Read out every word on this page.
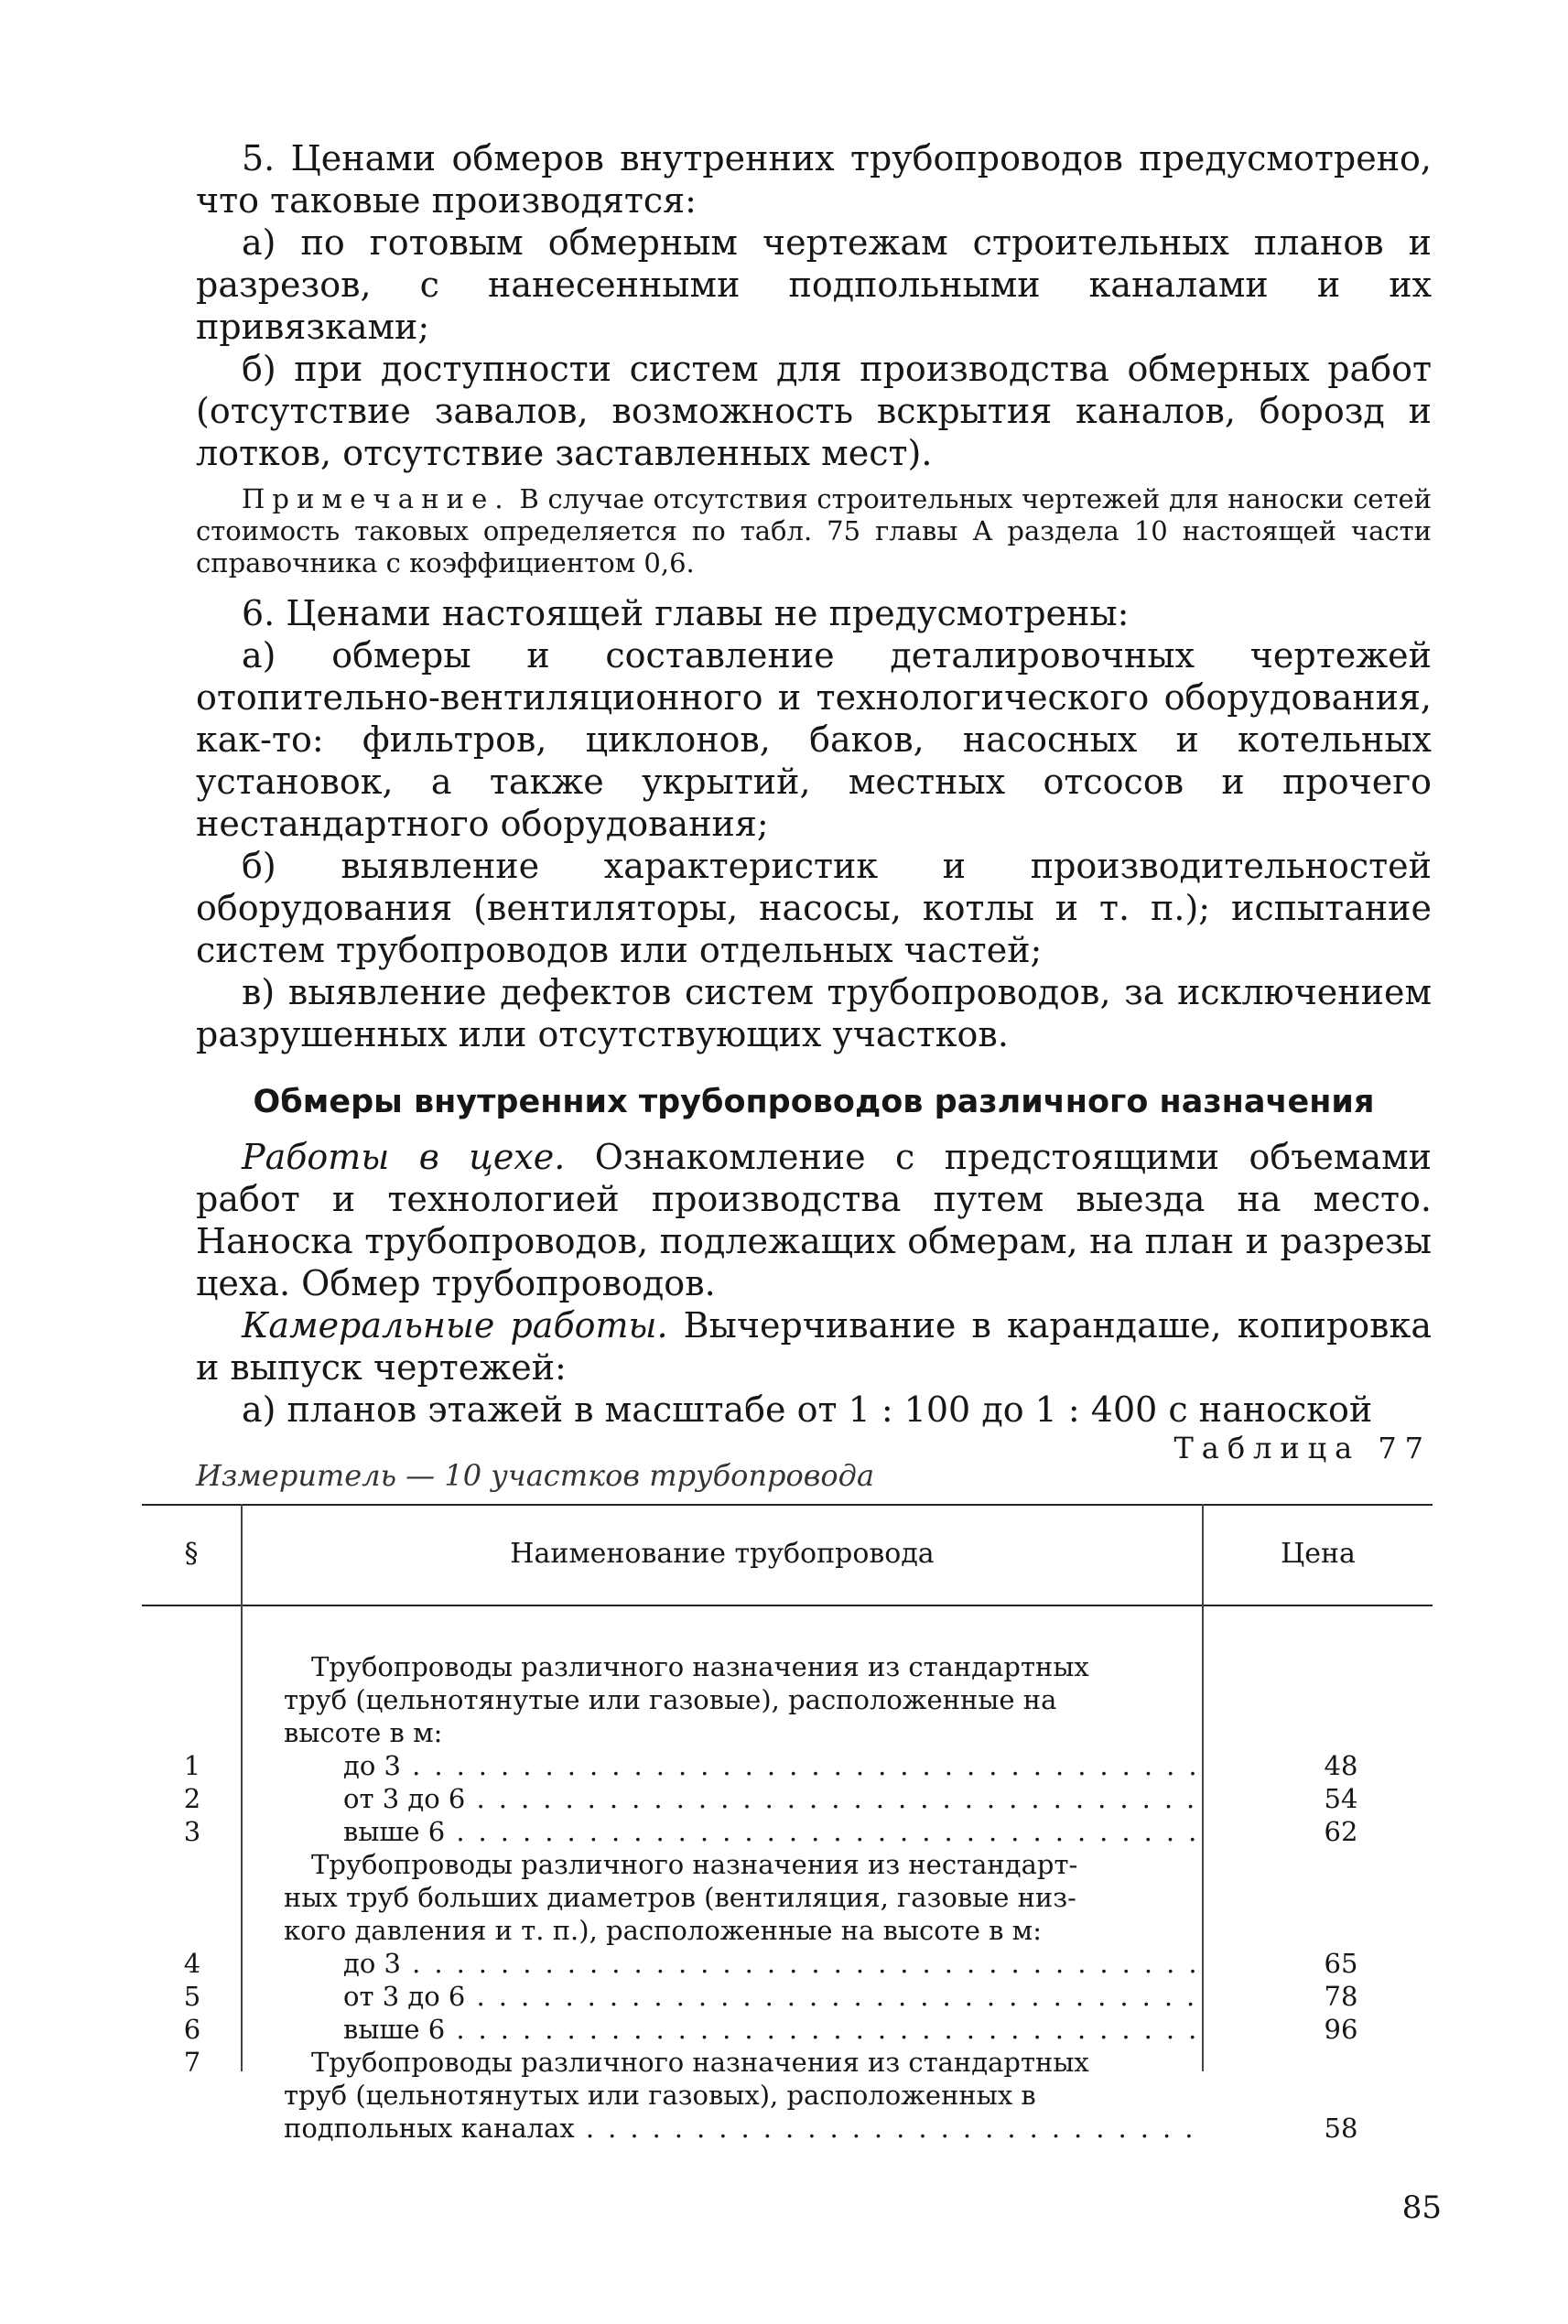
5. Ценами обмеров внутренних трубопроводов предусмотрено, что таковые производятся:

а) по готовым обмерным чертежам строительных планов и разрезов, с нанесенными подпольными каналами и их привязками;

б) при доступности систем для производства обмерных работ (отсутствие завалов, возможность вскрытия каналов, борозд и лотков, отсутствие заставленных мест).

Примечание. В случае отсутствия строительных чертежей для наноски сетей стоимость таковых определяется по табл. 75 главы А раздела 10 настоящей части справочника с коэффициентом 0,6.

6. Ценами настоящей главы не предусмотрены:

а) обмеры и составление деталировочных чертежей отопительно-вентиляционного и технологического оборудования, как-то: фильтров, циклонов, баков, насосных и котельных установок, а также укрытий, местных отсосов и прочего нестандартного оборудования;

б) выявление характеристик и производительностей оборудования (вентиляторы, насосы, котлы и т. п.); испытание систем трубопроводов или отдельных частей;

в) выявление дефектов систем трубопроводов, за исключением разрушенных или отсутствующих участков.

Обмеры внутренних трубопроводов различного назначения

Работы в цехе. Ознакомление с предстоящими объемами работ и технологией производства путем выезда на место. Наноска трубопроводов, подлежащих обмерам, на план и разрезы цеха. Обмер трубопроводов.

Камеральные работы. Вычерчивание в карандаше, копировка и выпуск чертежей:

а) планов этажей в масштабе от 1 : 100 до 1 : 400 с наноской

Таблица 77
Измеритель — 10 участков трубопровода
§	Наименование трубопровода	Цена
Трубопроводы различного назначения из стандартных
труб (цельнотянутые или газовые), расположенные на
высоте в м:
1	до 3 . . .	48
2	от 3 до 6 . . .	54
3	выше 6 . . .	62
Трубопроводы различного назначения из нестандарт-
ных труб больших диаметров (вентиляция, газовые низ-
кого давления и т. п.), расположенные на высоте в м:
4	до 3 . . .	65
5	от 3 до 6 . . .	78
6	выше 6 . . .	96
7	Трубопроводы различного назначения из стандартных
труб (цельнотянутых или газовых), расположенных в
подпольных каналах . . .	58
85
